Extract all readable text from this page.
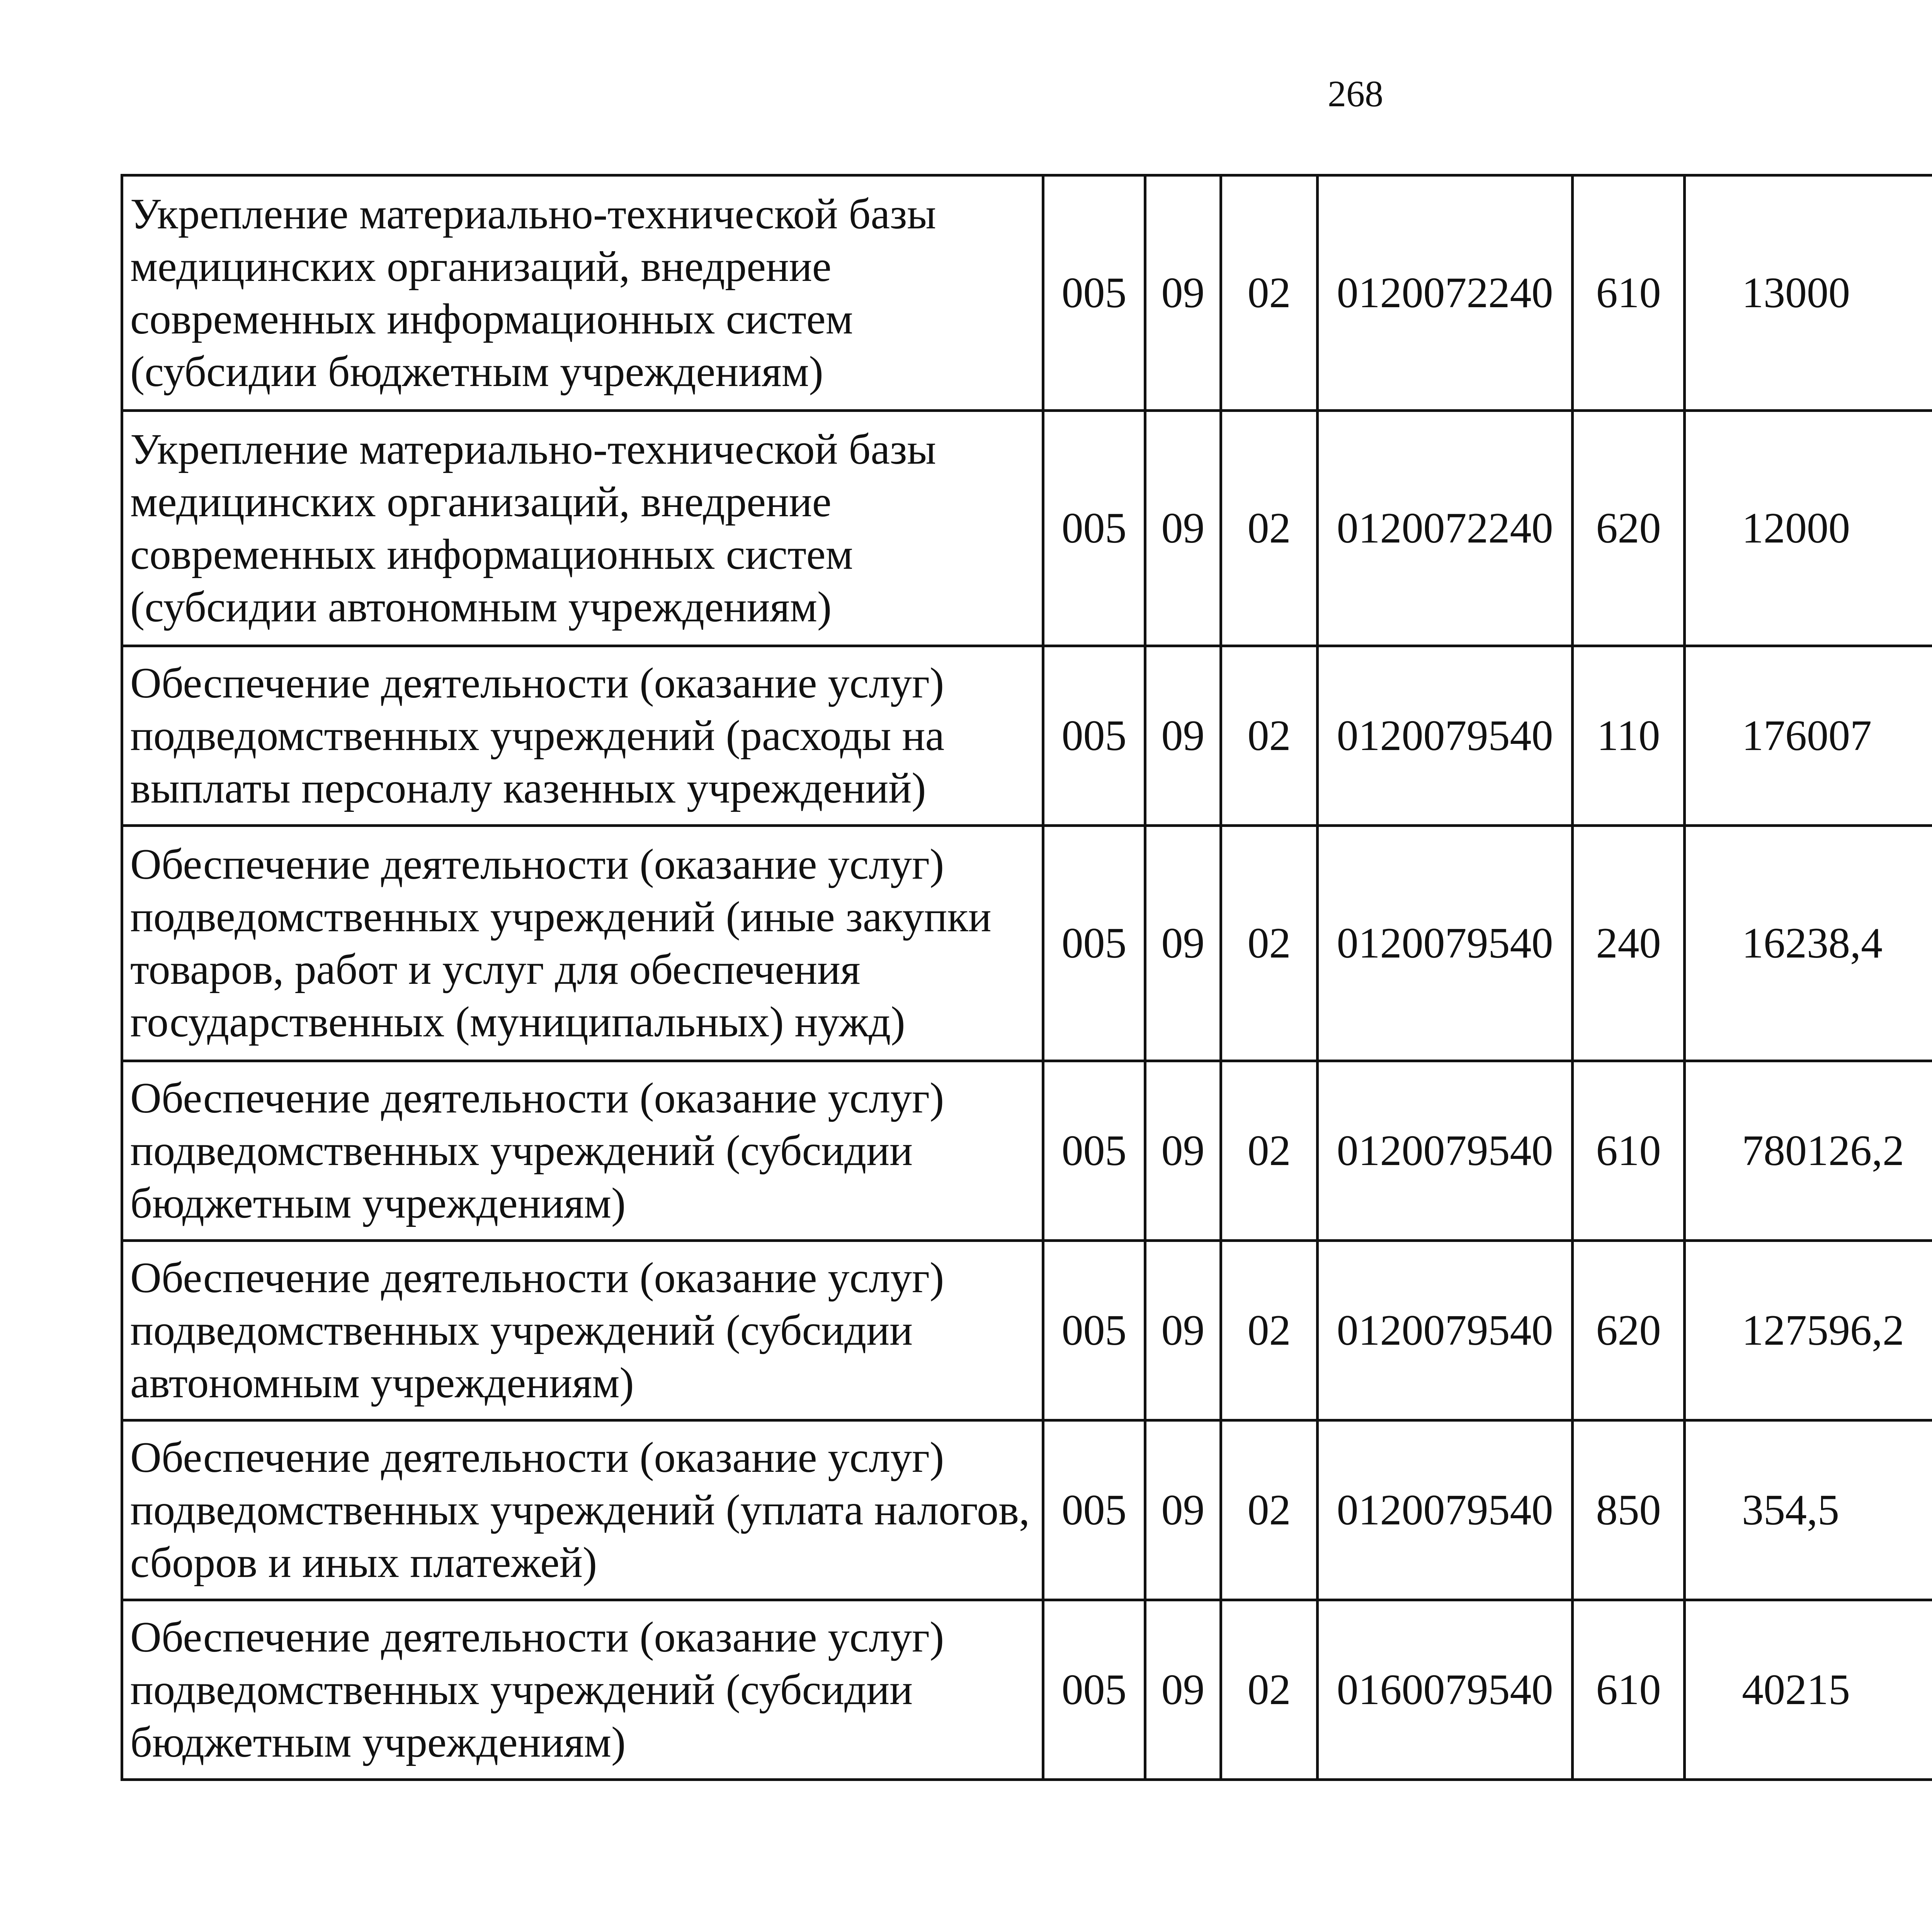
268
Укрепление материально-технической базы медицинских организаций, внедрение современных информационных систем (субсидии бюджетным учреждениям)	005	09	02	0120072240	610	13000		
Укрепление материально-технической базы медицинских организаций, внедрение современных информационных систем (субсидии автономным учреждениям)	005	09	02	0120072240	620	12000		
Обеспечение деятельности (оказание услуг) подведомственных учреждений (расходы на выплаты персоналу казенных учреждений)	005	09	02	0120079540	110	176007		
Обеспечение деятельности (оказание услуг) подведомственных учреждений (иные закупки товаров, работ и услуг для обеспечения государственных (муниципальных) нужд)	005	09	02	0120079540	240	16238,4		
Обеспечение деятельности (оказание услуг) подведомственных учреждений (субсидии бюджетным учреждениям)	005	09	02	0120079540	610	780126,2		
Обеспечение деятельности (оказание услуг) подведомственных учреждений (субсидии автономным учреждениям)	005	09	02	0120079540	620	127596,2		
Обеспечение деятельности (оказание услуг) подведомственных учреждений (уплата налогов, сборов и иных платежей)	005	09	02	0120079540	850	354,5		
Обеспечение деятельности (оказание услуг) подведомственных учреждений (субсидии бюджетным учреждениям)	005	09	02	0160079540	610	40215		
